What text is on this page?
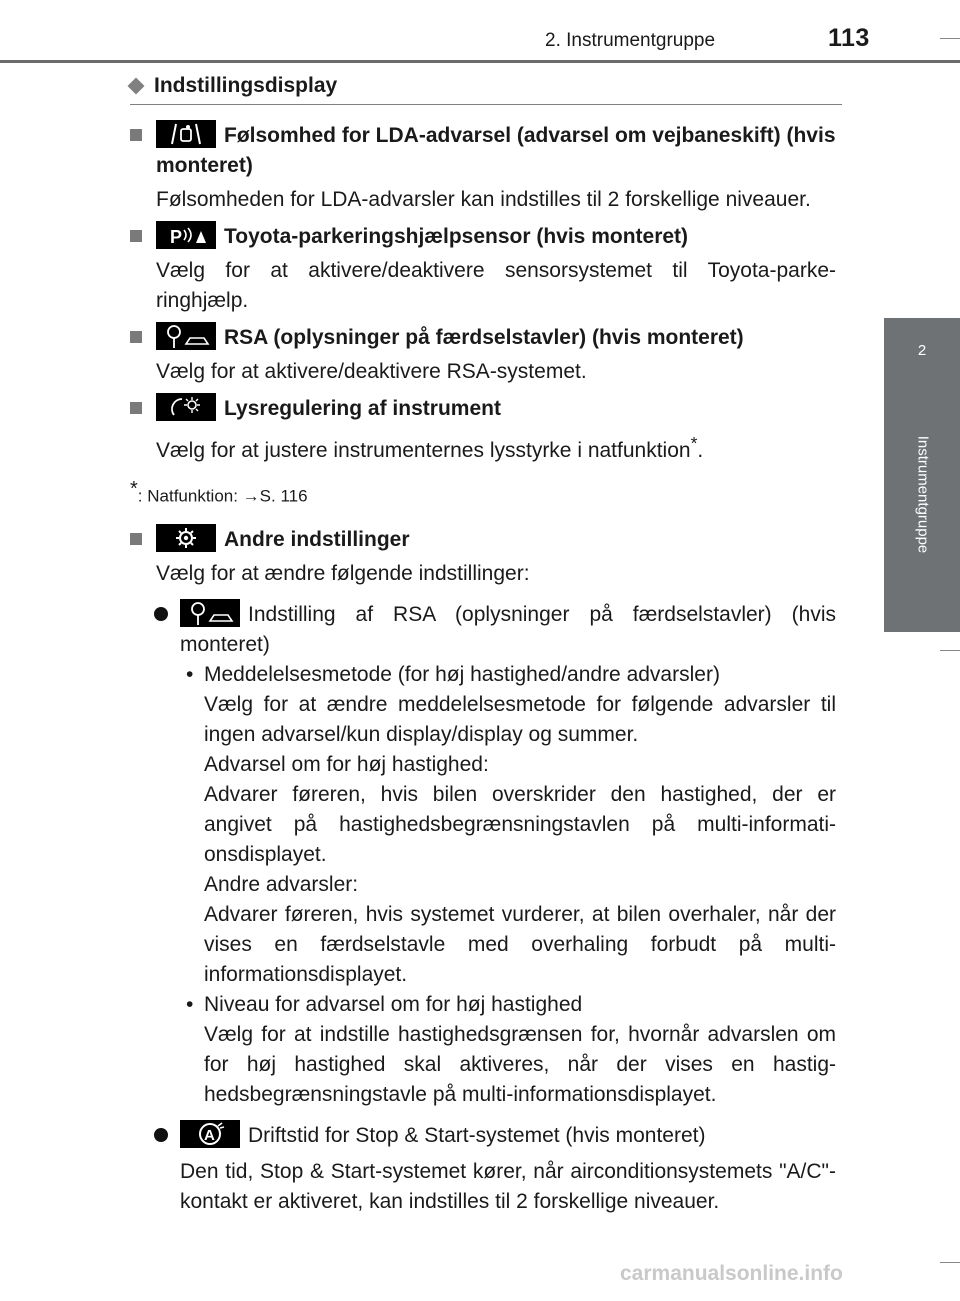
2. Instrumentgruppe	113
2
Instrumentgruppe
Indstillingsdisplay
Følsomhed for LDA-advarsel (advarsel om vejbaneskift) (hvis monteret)
Følsomheden for LDA-advarsler kan indstilles til 2 forskellige niveauer.
P Toyota-parkeringshjælpsensor (hvis monteret)
Vælg for at aktivere/deaktivere sensorsystemet til Toyota-parke-ringhjælp.
RSA (oplysninger på færdselstavler) (hvis monteret)
Vælg for at aktivere/deaktivere RSA-systemet.
Lysregulering af instrument
Vælg for at justere instrumenternes lysstyrke i natfunktion*.
*: Natfunktion: →S. 116
Andre indstillinger
Vælg for at ændre følgende indstillinger:
Indstilling af RSA (oplysninger på færdselstavler) (hvis monteret)
• Meddelelsesmetode (for høj hastighed/andre advarsler)
Vælg for at ændre meddelelsesmetode for følgende advarsler til ingen advarsel/kun display/display og summer.
Advarsel om for høj hastighed:
Advarer føreren, hvis bilen overskrider den hastighed, der er angivet på hastighedsbegrænsningstavlen på multi-informati-onsdisplayet.
Andre advarsler:
Advarer føreren, hvis systemet vurderer, at bilen overhaler, når der vises en færdselstavle med overhaling forbudt på multi-informationsdisplayet.
• Niveau for advarsel om for høj hastighed
Vælg for at indstille hastighedsgrænsen for, hvornår advarslen om for høj hastighed skal aktiveres, når der vises en hastig-hedsbegrænsningstavle på multi-informationsdisplayet.
A Driftstid for Stop & Start-systemet (hvis monteret)
Den tid, Stop & Start-systemet kører, når airconditionsystemets "A/C"-kontakt er aktiveret, kan indstilles til 2 forskellige niveauer.
carmanualsonline.info
